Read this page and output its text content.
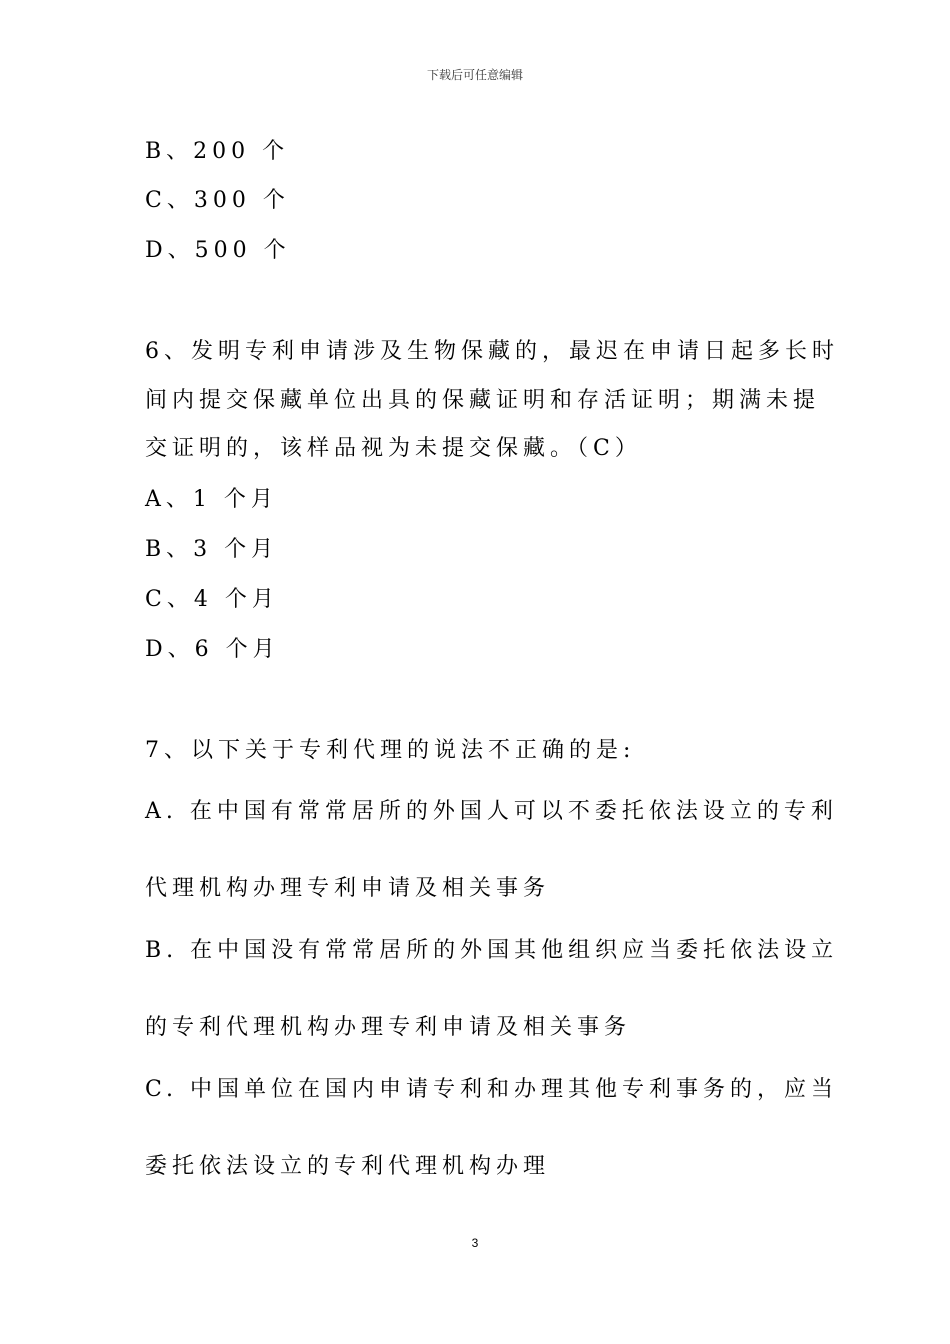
下载后可任意编辑
B、200 个
C、300 个
D、500 个
6、发明专利申请涉及生物保藏的，最迟在申请日起多长时
间内提交保藏单位出具的保藏证明和存活证明；期满未提
交证明的，该样品视为未提交保藏。（C）
A、1 个月
B、3 个月
C、4 个月
D、6 个月
7、以下关于专利代理的说法不正确的是:
A. 在中国有常常居所的外国人可以不委托依法设立的专利
代理机构办理专利申请及相关事务
B. 在中国没有常常居所的外国其他组织应当委托依法设立
的专利代理机构办理专利申请及相关事务
C. 中国单位在国内申请专利和办理其他专利事务的，应当
委托依法设立的专利代理机构办理
3
